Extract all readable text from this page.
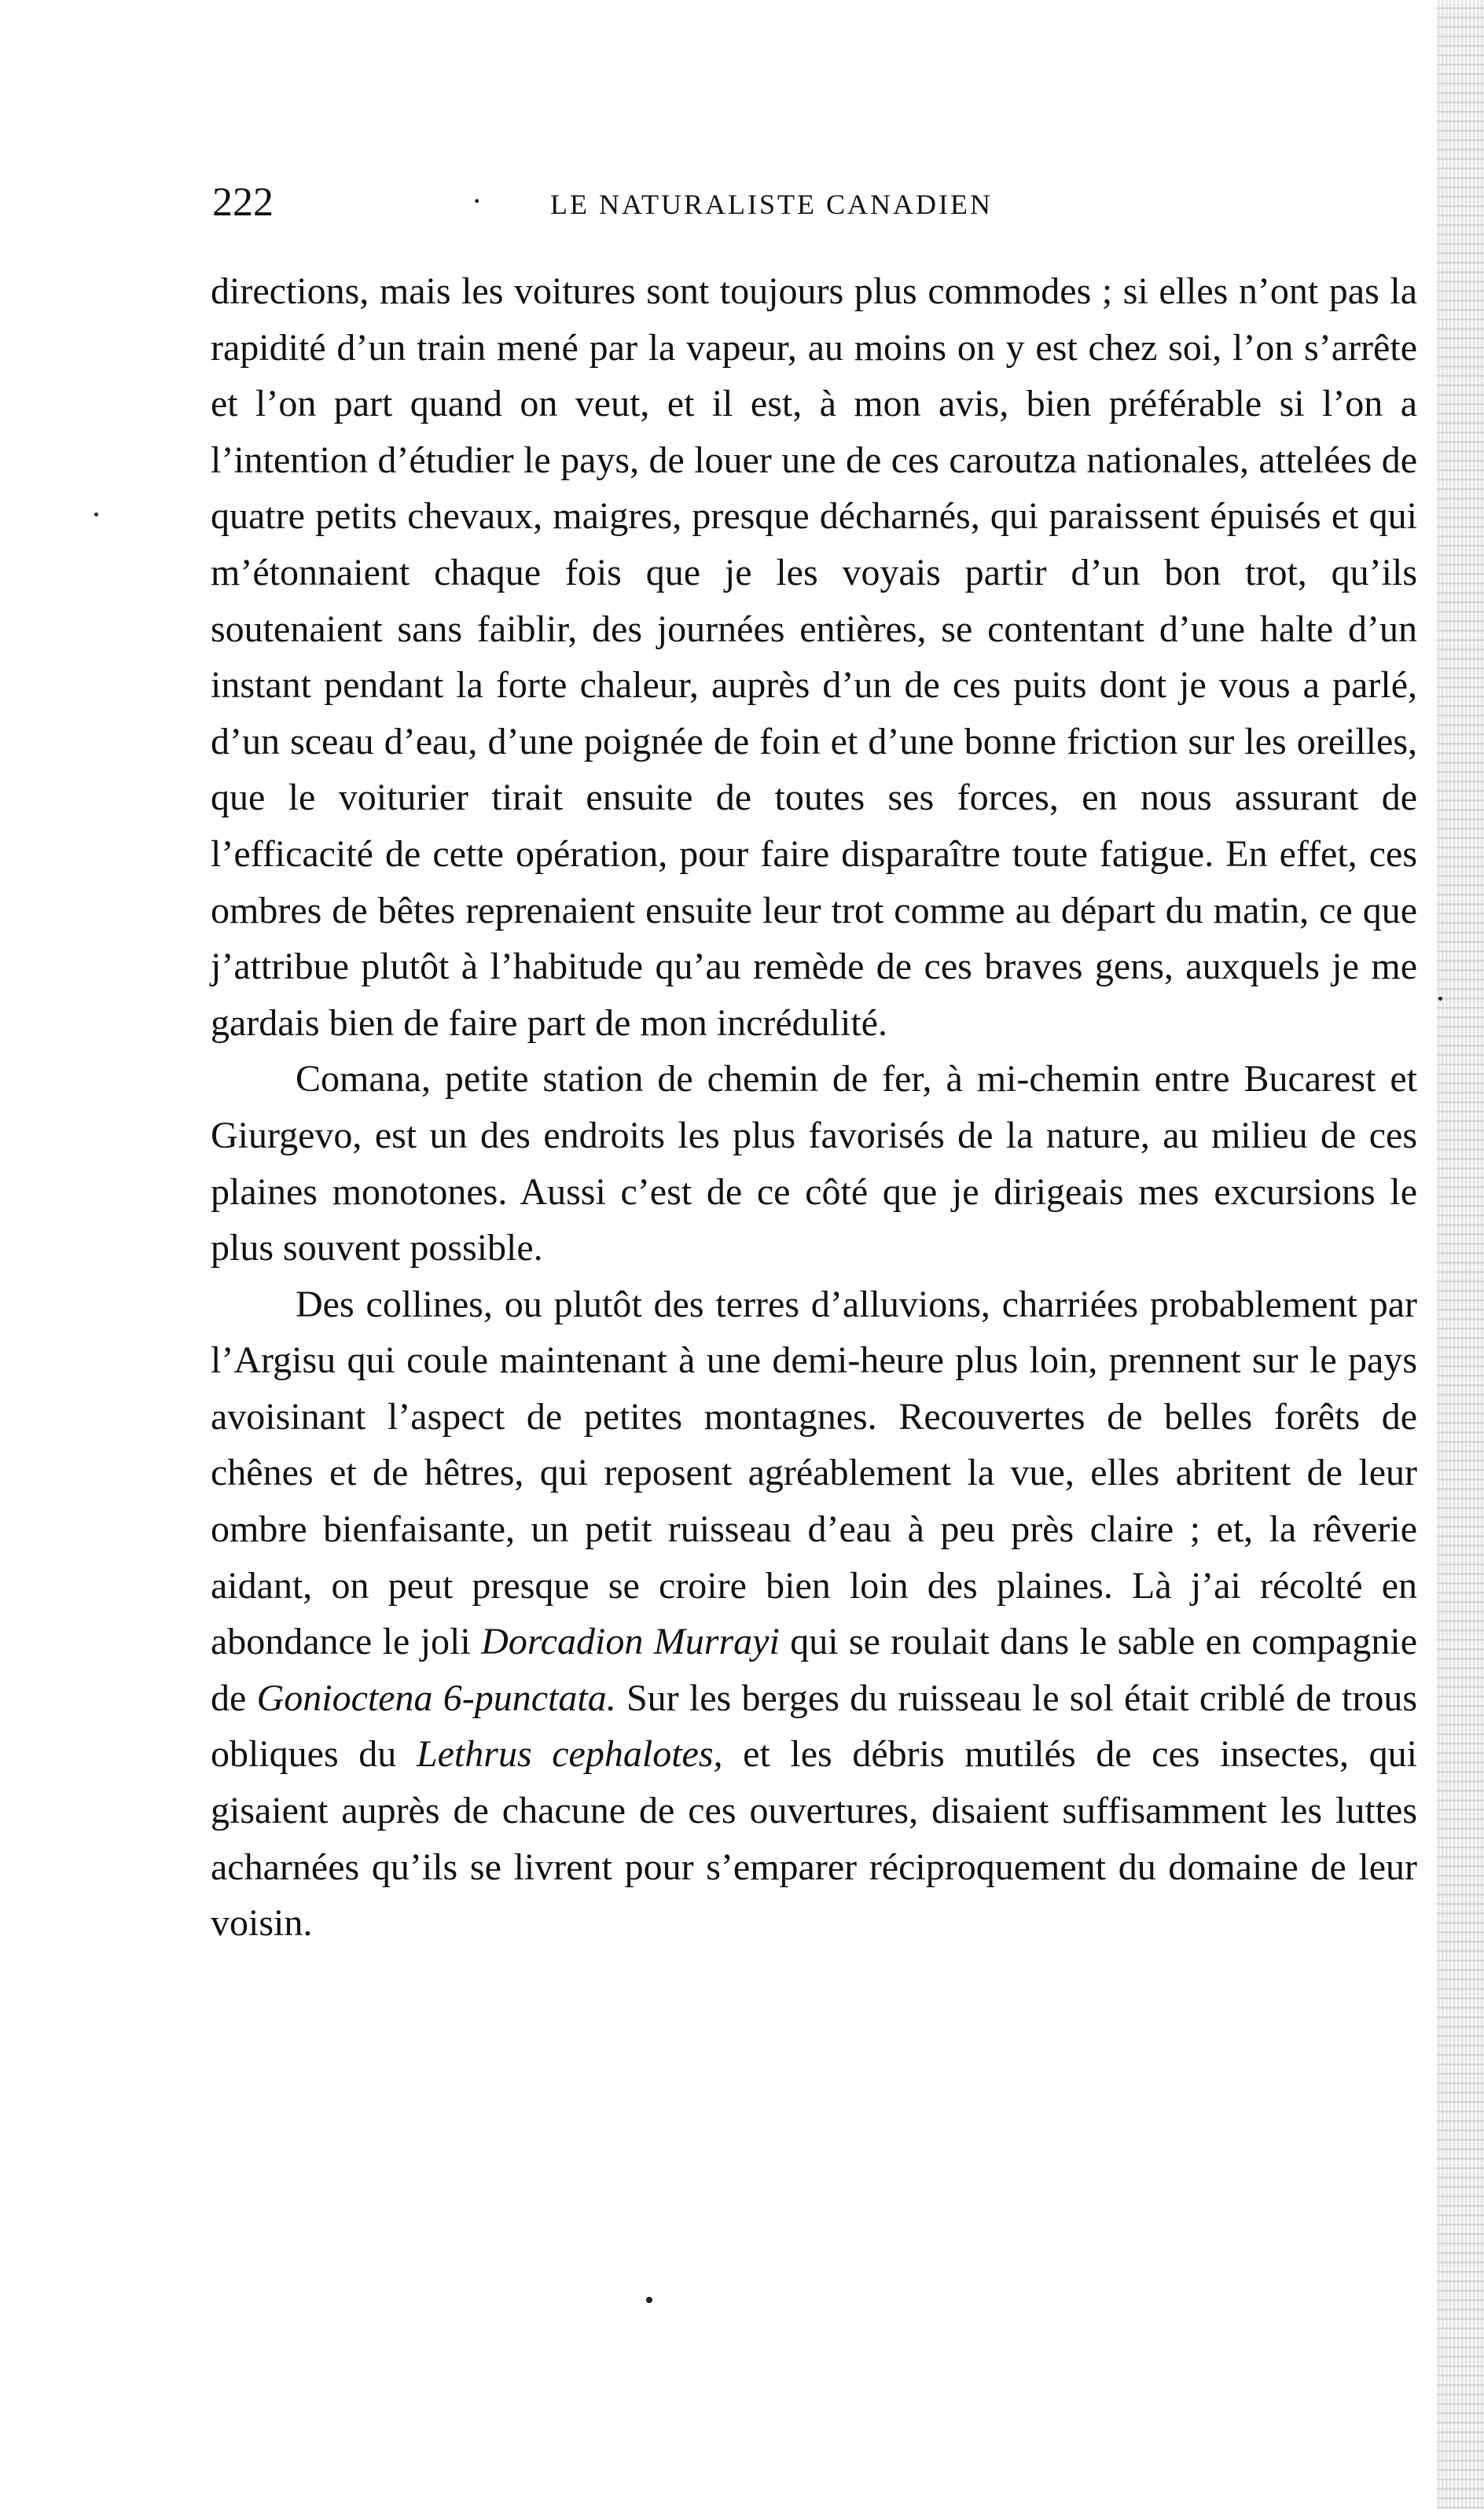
222	· LE NATURALISTE CANADIEN

directions, mais les voitures sont toujours plus commodes ; si elles n’ont pas la rapidité d’un train mené par la vapeur, au moins on y est chez soi, l’on s’arrête et l’on part quand on veut, et il est, à mon avis, bien préférable si l’on a l’intention d’étudier le pays, de louer une de ces caroutza nationales, attelées de quatre petits chevaux, maigres, presque décharnés, qui paraissent épuisés et qui m’étonnaient chaque fois que je les voyais partir d’un bon trot, qu’ils soutenaient sans faiblir, des journées entières, se contentant d’une halte d’un instant pendant la forte chaleur, auprès d’un de ces puits dont je vous a parlé, d’un sceau d’eau, d’une poignée de foin et d’une bonne friction sur les oreilles, que le voiturier tirait ensuite de toutes ses forces, en nous assurant de l’efficacité de cette opération, pour faire disparaître toute fatigue. En effet, ces ombres de bêtes reprenaient ensuite leur trot comme au départ du matin, ce que j’attribue plutôt à l’habitude qu’au remède de ces braves gens, auxquels je me gardais bien de faire part de mon incrédulité.

Comana, petite station de chemin de fer, à mi-chemin entre Bucarest et Giurgevo, est un des endroits les plus favorisés de la nature, au milieu de ces plaines monotones. Aussi c’est de ce côté que je dirigeais mes excursions le plus souvent possible.

Des collines, ou plutôt des terres d’alluvions, charriées probablement par l’Argisu qui coule maintenant à une demi-heure plus loin, prennent sur le pays avoisinant l’aspect de petites montagnes. Recouvertes de belles forêts de chênes et de hêtres, qui reposent agréablement la vue, elles abritent de leur ombre bienfaisante, un petit ruisseau d’eau à peu près claire ; et, la rêverie aidant, on peut presque se croire bien loin des plaines. Là j’ai récolté en abondance le joli Dorcadion Murrayi qui se roulait dans le sable en compagnie de Gonioctena 6-punctata. Sur les berges du ruisseau le sol était criblé de trous obliques du Lethrus cephalotes, et les débris mutilés de ces insectes, qui gisaient auprès de chacune de ces ouvertures, disaient suffisamment les luttes acharnées qu’ils se livrent pour s’emparer réciproquement du domaine de leur voisin.
